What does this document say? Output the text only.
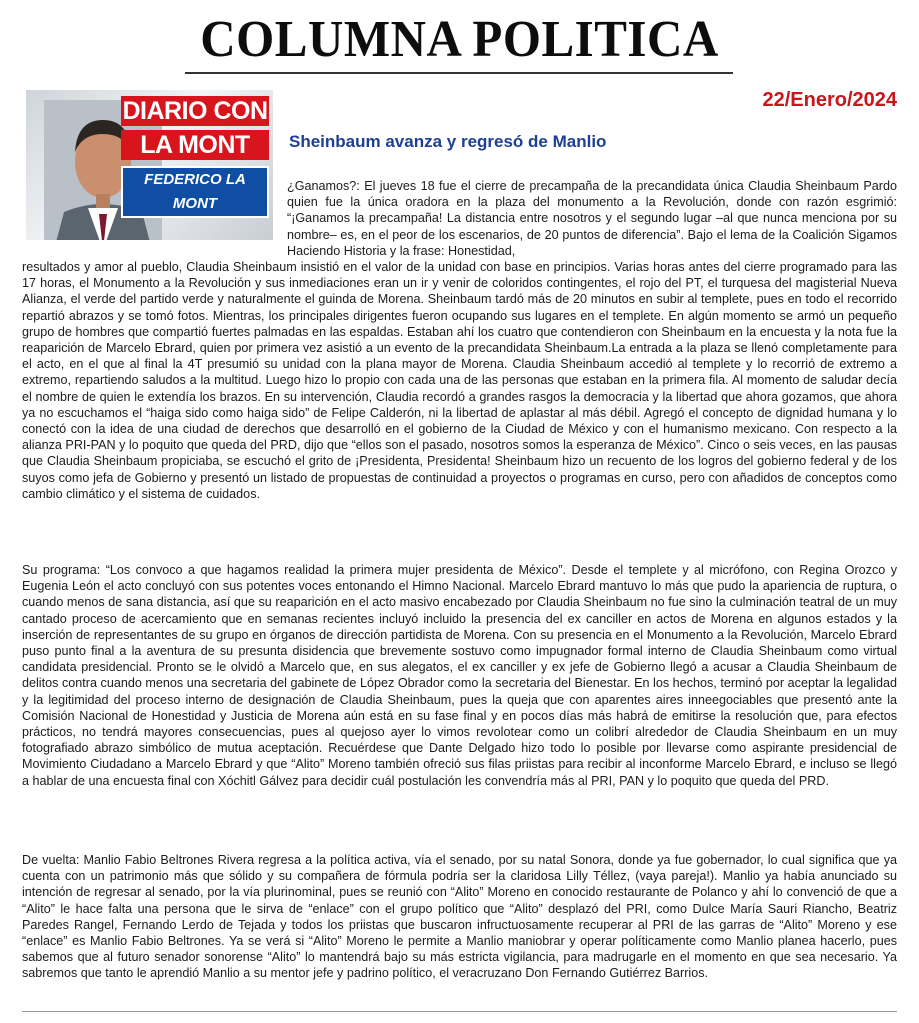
COLUMNA POLITICA
22/Enero/2024
DIARIO CON
LA MONT
FEDERICO LA MONT
Sheinbaum avanza y regresó de Manlio

¿Ganamos?: El jueves 18 fue el cierre de precampaña de la precandidata única Claudia Sheinbaum Pardo quien fue la única oradora en la plaza del monumento a la Revolución, donde con razón esgrimió: “¡Ganamos la precampaña! La distancia entre nosotros y el segundo lugar –al que nunca menciona por su nombre– es, en el peor de los escenarios, de 20 puntos de diferencia”. Bajo el lema de la Coalición Sigamos Haciendo Historia y la frase: Honestidad,

resultados y amor al pueblo, Claudia Sheinbaum insistió en el valor de la unidad con base en principios. Varias horas antes del cierre programado para las 17 horas, el Monumento a la Revolución y sus inmediaciones eran un ir y venir de coloridos contingentes, el rojo del PT, el turquesa del magisterial Nueva Alianza, el verde del partido verde y naturalmente el guinda de Morena. Sheinbaum tardó más de 20 minutos en subir al templete, pues en todo el recorrido repartió abrazos y se tomó fotos. Mientras, los principales dirigentes fueron ocupando sus lugares en el templete. En algún momento se armó un pequeño grupo de hombres que compartió fuertes palmadas en las espaldas. Estaban ahí los cuatro que contendieron con Sheinbaum en la encuesta y la nota fue la reaparición de Marcelo Ebrard, quien por primera vez asistió a un evento de la precandidata Sheinbaum.La entrada a la plaza se llenó completamente para el acto, en el que al final la 4T presumió su unidad con la plana mayor de Morena. Claudia Sheinbaum accedió al templete y lo recorrió de extremo a extremo, repartiendo saludos a la multitud. Luego hizo lo propio con cada una de las personas que estaban en la primera fila. Al momento de saludar decía el nombre de quien le extendía los brazos. En su intervención, Claudia recordó a grandes rasgos la democracia y la libertad que ahora gozamos, que ahora ya no escuchamos el “haiga sido como haiga sido” de Felipe Calderón, ni la libertad de aplastar al más débil. Agregó el concepto de dignidad humana y lo conectó con la idea de una ciudad de derechos que desarrolló en el gobierno de la Ciudad de México y con el humanismo mexicano. Con respecto a la alianza PRI-PAN y lo poquito que queda del PRD, dijo que “ellos son el pasado, nosotros somos la esperanza de México”. Cinco o seis veces, en las pausas que Claudia Sheinbaum propiciaba, se escuchó el grito de ¡Presidenta, Presidenta! Sheinbaum hizo un recuento de los logros del gobierno federal y de los suyos como jefa de Gobierno y presentó un listado de propuestas de continuidad a proyectos o programas en curso, pero con añadidos de conceptos como cambio climático y el sistema de cuidados.

Su programa: “Los convoco a que hagamos realidad la primera mujer presidenta de México”. Desde el templete y al micrófono, con Regina Orozco y Eugenia León el acto concluyó con sus potentes voces entonando el Himno Nacional. Marcelo Ebrard mantuvo lo más que pudo la apariencia de ruptura, o cuando menos de sana distancia, así que su reaparición en el acto masivo encabezado por Claudia Sheinbaum no fue sino la culminación teatral de un muy cantado proceso de acercamiento que en semanas recientes incluyó incluido la presencia del ex canciller en actos de Morena en algunos estados y la inserción de representantes de su grupo en órganos de dirección partidista de Morena. Con su presencia en el Monumento a la Revolución, Marcelo Ebrard puso punto final a la aventura de su presunta disidencia que brevemente sostuvo como impugnador formal interno de Claudia Sheinbaum como virtual candidata presidencial. Pronto se le olvidó a Marcelo que, en sus alegatos, el ex canciller y ex jefe de Gobierno llegó a acusar a Claudia Sheinbaum de delitos contra cuando menos una secretaria del gabinete de López Obrador como la secretaria del Bienestar. En los hechos, terminó por aceptar la legalidad y la legitimidad del proceso interno de designación de Claudia Sheinbaum, pues la queja que con aparentes aires inneegociables que presentó ante la Comisión Nacional de Honestidad y Justicia de Morena aún está en su fase final y en pocos días más habrá de emitirse la resolución que, para efectos prácticos, no tendrá mayores consecuencias, pues al quejoso ayer lo vimos revolotear como un colibrí alrededor de Claudia Sheinbaum en un muy fotografiado abrazo simbólico de mutua aceptación. Recuérdese que Dante Delgado hizo todo lo posible por llevarse como aspirante presidencial de Movimiento Ciudadano a Marcelo Ebrard y que “Alito” Moreno también ofreció sus filas priistas para recibir al inconforme Marcelo Ebrard, e incluso se llegó a hablar de una encuesta final con Xóchitl Gálvez para decidir cuál postulación les convendría más al PRI, PAN y lo poquito que queda del PRD.

De vuelta: Manlio Fabio Beltrones Rivera regresa a la política activa, vía el senado, por su natal Sonora, donde ya fue gobernador, lo cual significa que ya cuenta con un patrimonio más que sólido y su compañera de fórmula podría ser la claridosa Lilly Téllez, (vaya pareja!). Manlio ya había anunciado su intención de regresar al senado, por la vía plurinominal, pues se reunió con “Alito” Moreno en conocido restaurante de Polanco y ahí lo convenció de que a “Alito” le hace falta una persona que le sirva de “enlace” con el grupo político que “Alito” desplazó del PRI, como Dulce María Sauri Riancho, Beatriz Paredes Rangel, Fernando Lerdo de Tejada y todos los priistas que buscaron infructuosamente recuperar al PRI de las garras de “Alito” Moreno y ese “enlace” es Manlio Fabio Beltrones. Ya se verá si “Alito” Moreno le permite a Manlio maniobrar y operar políticamente como Manlio planea hacerlo, pues sabemos que al futuro senador sonorense “Alito” lo mantendrá bajo su más estricta vigilancia, para madrugarle en el momento en que sea necesario. Ya sabremos que tanto le aprendió Manlio a su mentor jefe y padrino político, el veracruzano Don Fernando Gutiérrez Barrios.
